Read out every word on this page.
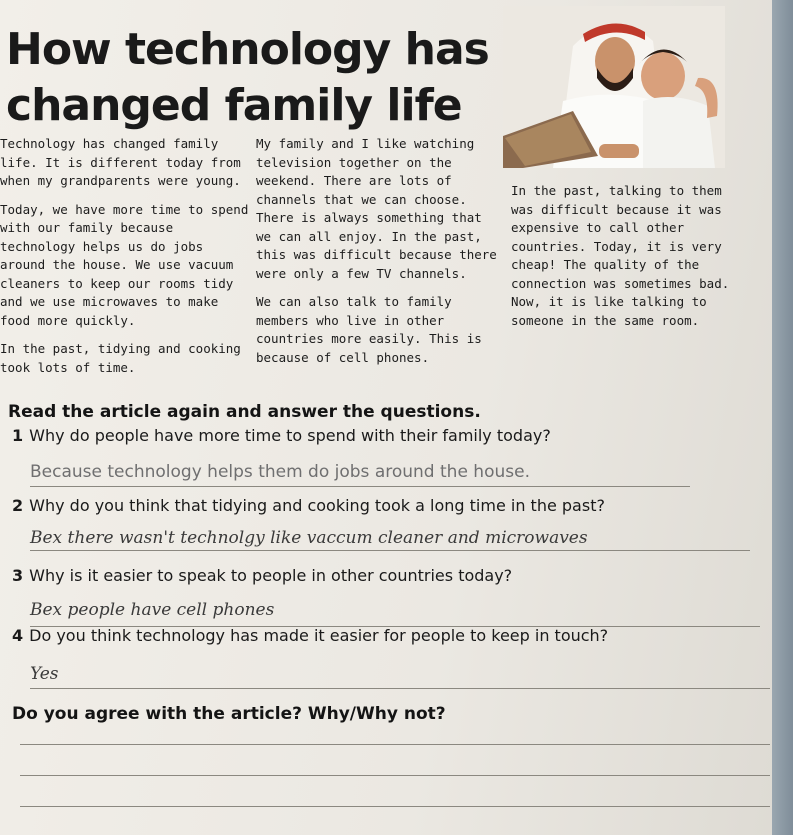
How technology has
changed family life

Technology has changed family life. It is different today from when my grandparents were young.

Today, we have more time to spend with our family because technology helps us do jobs around the house. We use vacuum cleaners to keep our rooms tidy and we use microwaves to make food more quickly.

In the past, tidying and cooking took lots of time.

My family and I like watching television together on the weekend. There are lots of channels that we can choose. There is always something that we can all enjoy. In the past, this was difficult because there were only a few TV channels.

We can also talk to family members who live in other countries more easily. This is because of cell phones.

In the past, talking to them was difficult because it was expensive to call other countries. Today, it is very cheap! The quality of the connection was sometimes bad. Now, it is like talking to someone in the same room.

Read the article again and answer the questions.

1 Why do people have more time to spend with their family today?

Because technology helps them do jobs around the house.

2 Why do you think that tidying and cooking took a long time in the past?

Bex there wasn't technolgy like vaccum cleaner and microwaves

3 Why is it easier to speak to people in other countries today?

Bex people have cell phones

4 Do you think technology has made it easier for people to keep in touch?

Yes

Do you agree with the article? Why/Why not?
